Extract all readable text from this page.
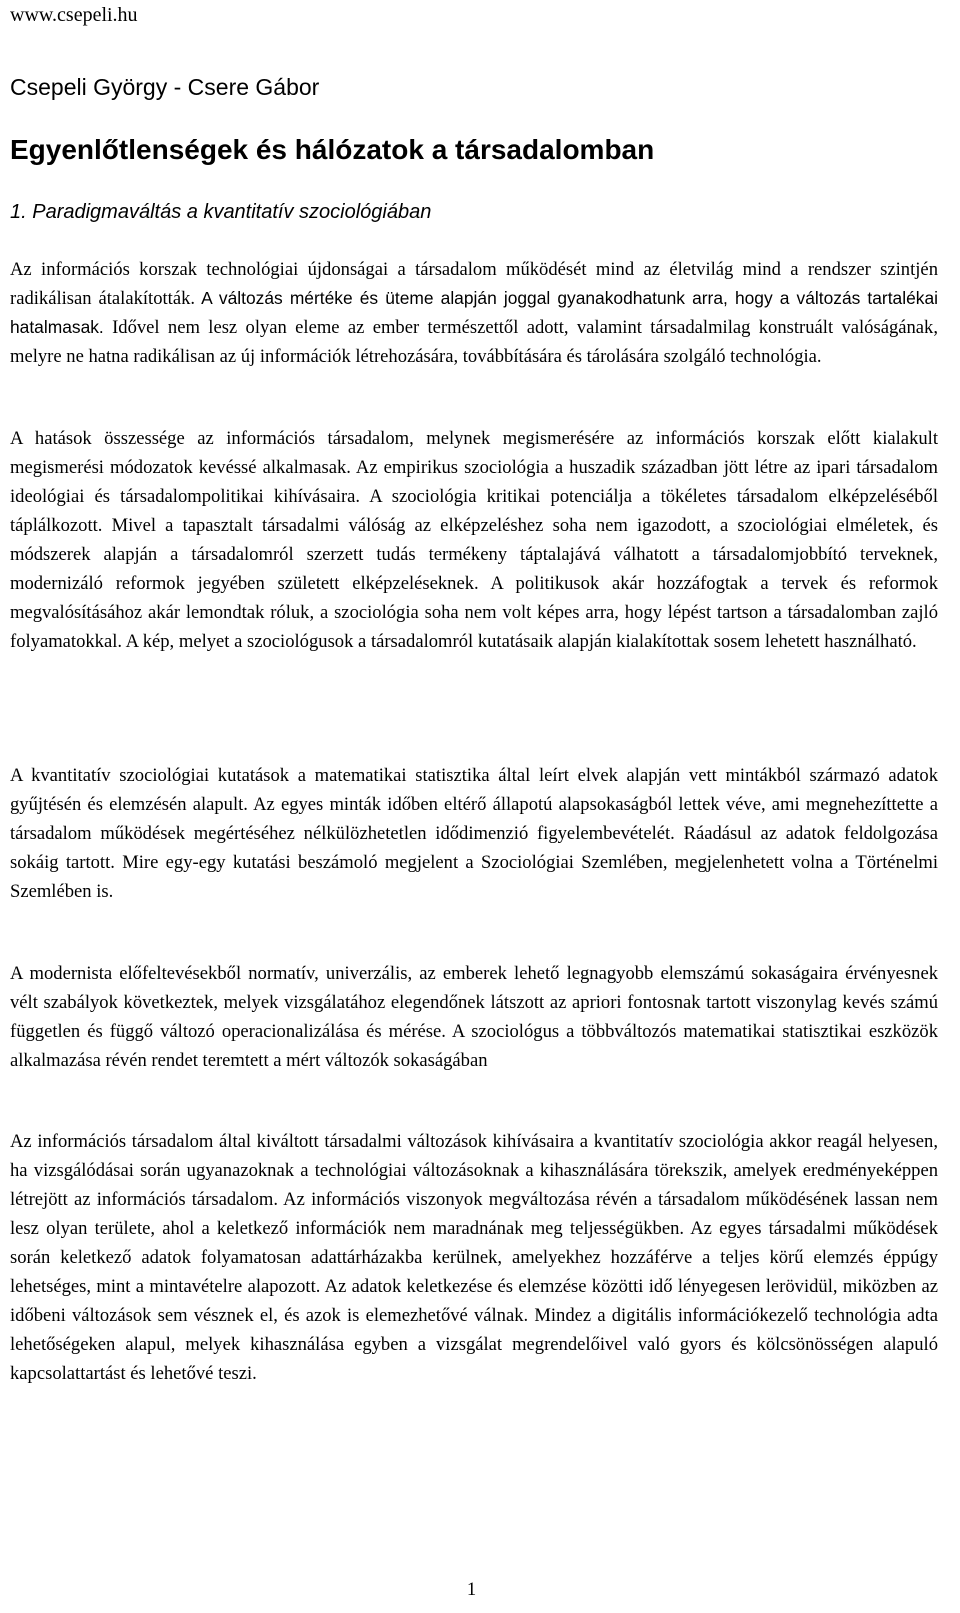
www.csepeli.hu
Csepeli György - Csere Gábor
Egyenlőtlenségek és hálózatok a társadalomban
1. Paradigmaváltás a kvantitatív szociológiában

Az információs korszak technológiai újdonságai a társadalom működését mind az életvilág mind a rendszer szintjén radikálisan átalakították. A változás mértéke és üteme alapján joggal gyanakodhatunk arra, hogy a változás tartalékai hatalmasak. Idővel nem lesz olyan eleme az ember természettől adott, valamint társadalmilag konstruált valóságának, melyre ne hatna radikálisan az új információk létrehozására, továbbítására és tárolására szolgáló technológia.

A hatások összessége az információs társadalom, melynek megismerésére az információs korszak előtt kialakult megismerési módozatok kevéssé alkalmasak. Az empirikus szociológia a huszadik században jött létre az ipari társadalom ideológiai és társadalompolitikai kihívásaira. A szociológia kritikai potenciálja a tökéletes társadalom elképzeléséből táplálkozott. Mivel a tapasztalt társadalmi válóság az elképzeléshez soha nem igazodott, a szociológiai elméletek, és módszerek alapján a társadalomról szerzett tudás termékeny táptalajává válhatott a társadalomjobbító terveknek, modernizáló reformok jegyében született elképzeléseknek. A politikusok akár hozzáfogtak a tervek és reformok megvalósításához akár lemondtak róluk, a szociológia soha nem volt képes arra, hogy lépést tartson a társadalomban zajló folyamatokkal. A kép, melyet a szociológusok a társadalomról kutatásaik alapján kialakítottak sosem lehetett használható.

A kvantitatív szociológiai kutatások a matematikai statisztika által leírt elvek alapján vett mintákból származó adatok gyűjtésén és elemzésén alapult. Az egyes minták időben eltérő állapotú alapsokaságból lettek véve, ami megnehezíttette a társadalom működések megértéséhez nélkülözhetetlen idődimenzió figyelembevételét. Ráadásul az adatok feldolgozása sokáig tartott. Mire egy-egy kutatási beszámoló megjelent a Szociológiai Szemlében, megjelenhetett volna a Történelmi Szemlében is.

A modernista előfeltevésekből normatív, univerzális, az emberek lehető legnagyobb elemszámú sokaságaira érvényesnek vélt szabályok következtek, melyek vizsgálatához elegendőnek látszott az apriori fontosnak tartott viszonylag kevés számú független és függő változó operacionalizálása és mérése. A szociológus a többváltozós matematikai statisztikai eszközök alkalmazása révén rendet teremtett a mért változók sokaságában

Az információs társadalom által kiváltott társadalmi változások kihívásaira a kvantitatív szociológia akkor reagál helyesen, ha vizsgálódásai során ugyanazoknak a technológiai változásoknak a kihasználására törekszik, amelyek eredményeképpen létrejött az információs társadalom. Az információs viszonyok megváltozása révén a társadalom működésének lassan nem lesz olyan területe, ahol a keletkező információk nem maradnának meg teljességükben. Az egyes társadalmi működések során keletkező adatok folyamatosan adattárházakba kerülnek, amelyekhez hozzáférve a teljes körű elemzés éppúgy lehetséges, mint a mintavételre alapozott. Az adatok keletkezése és elemzése közötti idő lényegesen lerövidül, miközben az időbeni változások sem vésznek el, és azok is elemezhetővé válnak. Mindez a digitális információkezelő technológia adta lehetőségeken alapul, melyek kihasználása egyben a vizsgálat megrendelőivel való gyors és kölcsönösségen alapuló kapcsolattartást és lehetővé teszi.

1
